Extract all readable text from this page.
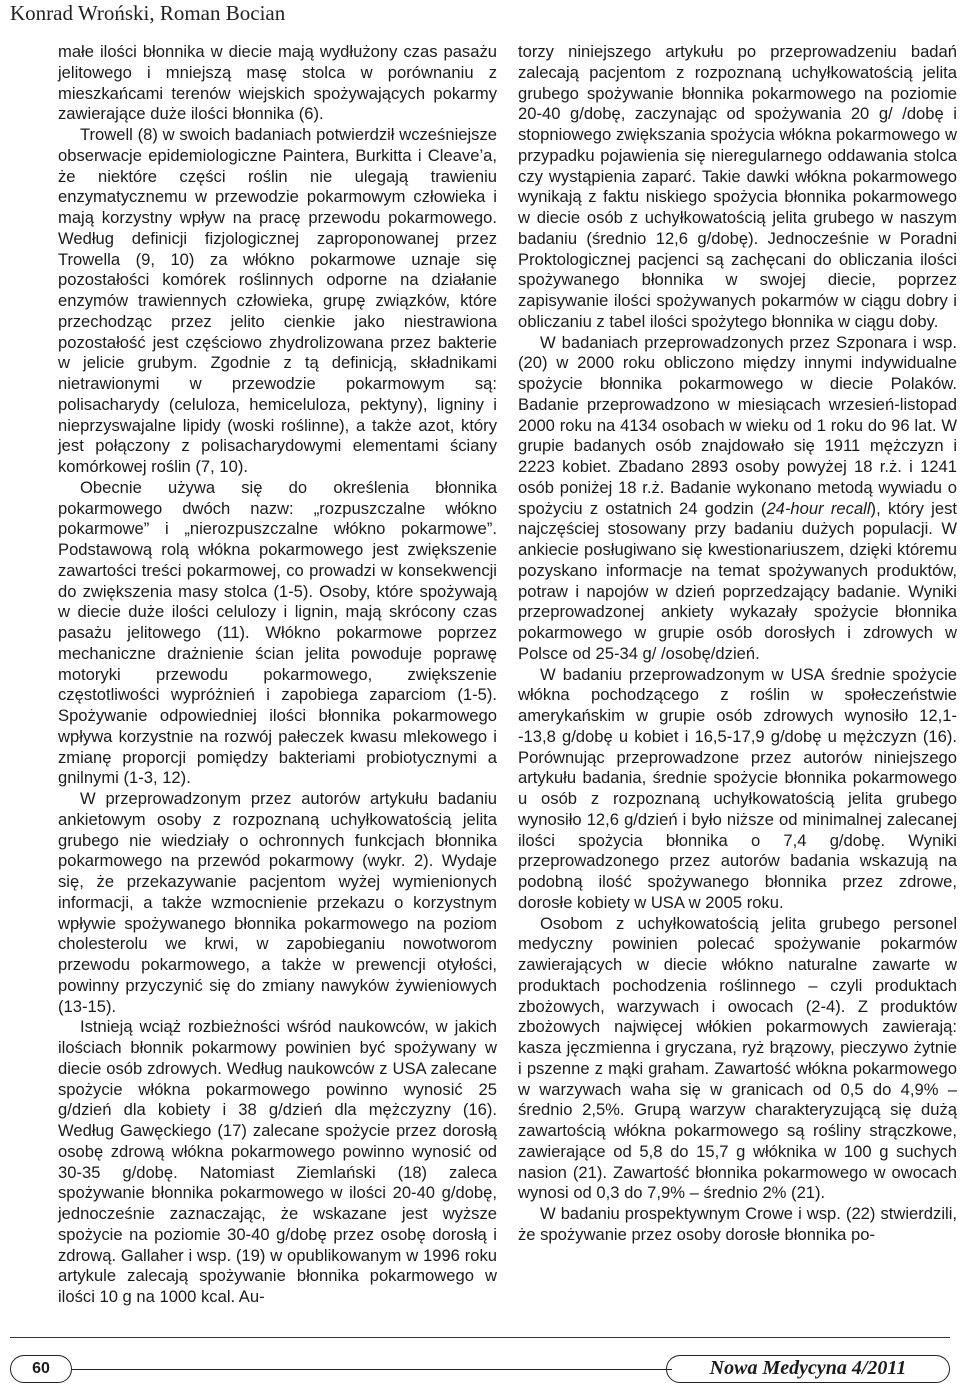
Konrad Wroński, Roman Bocian

małe ilości błonnika w diecie mają wydłużony czas pasażu jelitowego i mniejszą masę stolca w porównaniu z mieszkańcami terenów wiejskich spożywających pokarmy zawierające duże ilości błonnika (6).

Trowell (8) w swoich badaniach potwierdził wcześniejsze obserwacje epidemiologiczne Paintera, Burkitta i Cleave’a, że niektóre części roślin nie ulegają trawieniu enzymatycznemu w przewodzie pokarmowym człowieka i mają korzystny wpływ na pracę przewodu pokarmowego. Według definicji fizjologicznej zaproponowanej przez Trowella (9, 10) za włókno pokarmowe uznaje się pozostałości komórek roślinnych odporne na działanie enzymów trawiennych człowieka, grupę związków, które przechodząc przez jelito cienkie jako niestrawiona pozostałość jest częściowo zhydrolizowana przez bakterie w jelicie grubym. Zgodnie z tą definicją, składnikami nietrawionymi w przewodzie pokarmowym są: polisacharydy (celuloza, hemiceluloza, pektyny), ligniny i nieprzyswajalne lipidy (woski roślinne), a także azot, który jest połączony z polisacharydowymi elementami ściany komórkowej roślin (7, 10).

Obecnie używa się do określenia błonnika pokarmowego dwóch nazw: „rozpuszczalne włókno pokarmowe” i „nierozpuszczalne włókno pokarmowe”. Podstawową rolą włókna pokarmowego jest zwiększenie zawartości treści pokarmowej, co prowadzi w konsekwencji do zwiększenia masy stolca (1-5). Osoby, które spożywają w diecie duże ilości celulozy i lignin, mają skrócony czas pasażu jelitowego (11). Włókno pokarmowe poprzez mechaniczne drażnienie ścian jelita powoduje poprawę motoryki przewodu pokarmowego, zwiększenie częstotliwości wypróżnień i zapobiega zaparciom (1-5). Spożywanie odpowiedniej ilości błonnika pokarmowego wpływa korzystnie na rozwój pałeczek kwasu mlekowego i zmianę proporcji pomiędzy bakteriami probiotycznymi a gnilnymi (1-3, 12).

W przeprowadzonym przez autorów artykułu badaniu ankietowym osoby z rozpoznaną uchyłkowatością jelita grubego nie wiedziały o ochronnych funkcjach błonnika pokarmowego na przewód pokarmowy (wykr. 2). Wydaje się, że przekazywanie pacjentom wyżej wymienionych informacji, a także wzmocnienie przekazu o korzystnym wpływie spożywanego błonnika pokarmowego na poziom cholesterolu we krwi, w zapobieganiu nowotworom przewodu pokarmowego, a także w prewencji otyłości, powinny przyczynić się do zmiany nawyków żywieniowych (13-15).

Istnieją wciąż rozbieżności wśród naukowców, w jakich ilościach błonnik pokarmowy powinien być spożywany w diecie osób zdrowych. Według naukowców z USA zalecane spożycie włókna pokarmowego powinno wynosić 25 g/dzień dla kobiety i 38 g/dzień dla mężczyzny (16). Według Gawęckiego (17) zalecane spożycie przez dorosłą osobę zdrową włókna pokarmowego powinno wynosić od 30-35 g/dobę. Natomiast Ziemlański (18) zaleca spożywanie błonnika pokarmowego w ilości 20-40 g/dobę, jednocześnie zaznaczając, że wskazane jest wyższe spożycie na poziomie 30-40 g/dobę przez osobę dorosłą i zdrową. Gallaher i wsp. (19) w opublikowanym w 1996 roku artykule zalecają spożywanie błonnika pokarmowego w ilości 10 g na 1000 kcal. Au-

torzy niniejszego artykułu po przeprowadzeniu badań zalecają pacjentom z rozpoznaną uchyłkowatością jelita grubego spożywanie błonnika pokarmowego na poziomie 20-40 g/dobę, zaczynając od spożywania 20 g/ /dobę i stopniowego zwiększania spożycia włókna pokarmowego w przypadku pojawienia się nieregularnego oddawania stolca czy wystąpienia zaparć. Takie dawki włókna pokarmowego wynikają z faktu niskiego spożycia błonnika pokarmowego w diecie osób z uchyłkowatością jelita grubego w naszym badaniu (średnio 12,6 g/dobę). Jednocześnie w Poradni Proktologicznej pacjenci są zachęcani do obliczania ilości spożywanego błonnika w swojej diecie, poprzez zapisywanie ilości spożywanych pokarmów w ciągu dobry i obliczaniu z tabel ilości spożytego błonnika w ciągu doby.

W badaniach przeprowadzonych przez Szponara i wsp. (20) w 2000 roku obliczono między innymi indywidualne spożycie błonnika pokarmowego w diecie Polaków. Badanie przeprowadzono w miesiącach wrzesień-listopad 2000 roku na 4134 osobach w wieku od 1 roku do 96 lat. W grupie badanych osób znajdowało się 1911 mężczyzn i 2223 kobiet. Zbadano 2893 osoby powyżej 18 r.ż. i 1241 osób poniżej 18 r.ż. Badanie wykonano metodą wywiadu o spożyciu z ostatnich 24 godzin (24-hour recall), który jest najczęściej stosowany przy badaniu dużych populacji. W ankiecie posługiwano się kwestionariuszem, dzięki któremu pozyskano informacje na temat spożywanych produktów, potraw i napojów w dzień poprzedzający badanie. Wyniki przeprowadzonej ankiety wykazały spożycie błonnika pokarmowego w grupie osób dorosłych i zdrowych w Polsce od 25-34 g/ /osobę/dzień.

W badaniu przeprowadzonym w USA średnie spożycie włókna pochodzącego z roślin w społeczeństwie amerykańskim w grupie osób zdrowych wynosiło 12,1- -13,8 g/dobę u kobiet i 16,5-17,9 g/dobę u mężczyzn (16). Porównując przeprowadzone przez autorów niniejszego artykułu badania, średnie spożycie błonnika pokarmowego u osób z rozpoznaną uchyłkowatością jelita grubego wynosiło 12,6 g/dzień i było niższe od minimalnej zalecanej ilości spożycia błonnika o 7,4 g/dobę. Wyniki przeprowadzonego przez autorów badania wskazują na podobną ilość spożywanego błonnika przez zdrowe, dorosłe kobiety w USA w 2005 roku.

Osobom z uchyłkowatością jelita grubego personel medyczny powinien polecać spożywanie pokarmów zawierających w diecie włókno naturalne zawarte w produktach pochodzenia roślinnego – czyli produktach zbożowych, warzywach i owocach (2-4). Z produktów zbożowych najwięcej włókien pokarmowych zawierają: kasza jęczmienna i gryczana, ryż brązowy, pieczywo żytnie i pszenne z mąki graham. Zawartość włókna pokarmowego w warzywach waha się w granicach od 0,5 do 4,9% – średnio 2,5%. Grupą warzyw charakteryzującą się dużą zawartością włókna pokarmowego są rośliny strączkowe, zawierające od 5,8 do 15,7 g włóknika w 100 g suchych nasion (21). Zawartość błonnika pokarmowego w owocach wynosi od 0,3 do 7,9% – średnio 2% (21).

W badaniu prospektywnym Crowe i wsp. (22) stwierdzili, że spożywanie przez osoby dorosłe błonnika po-

60	Nowa Medycyna 4/2011
